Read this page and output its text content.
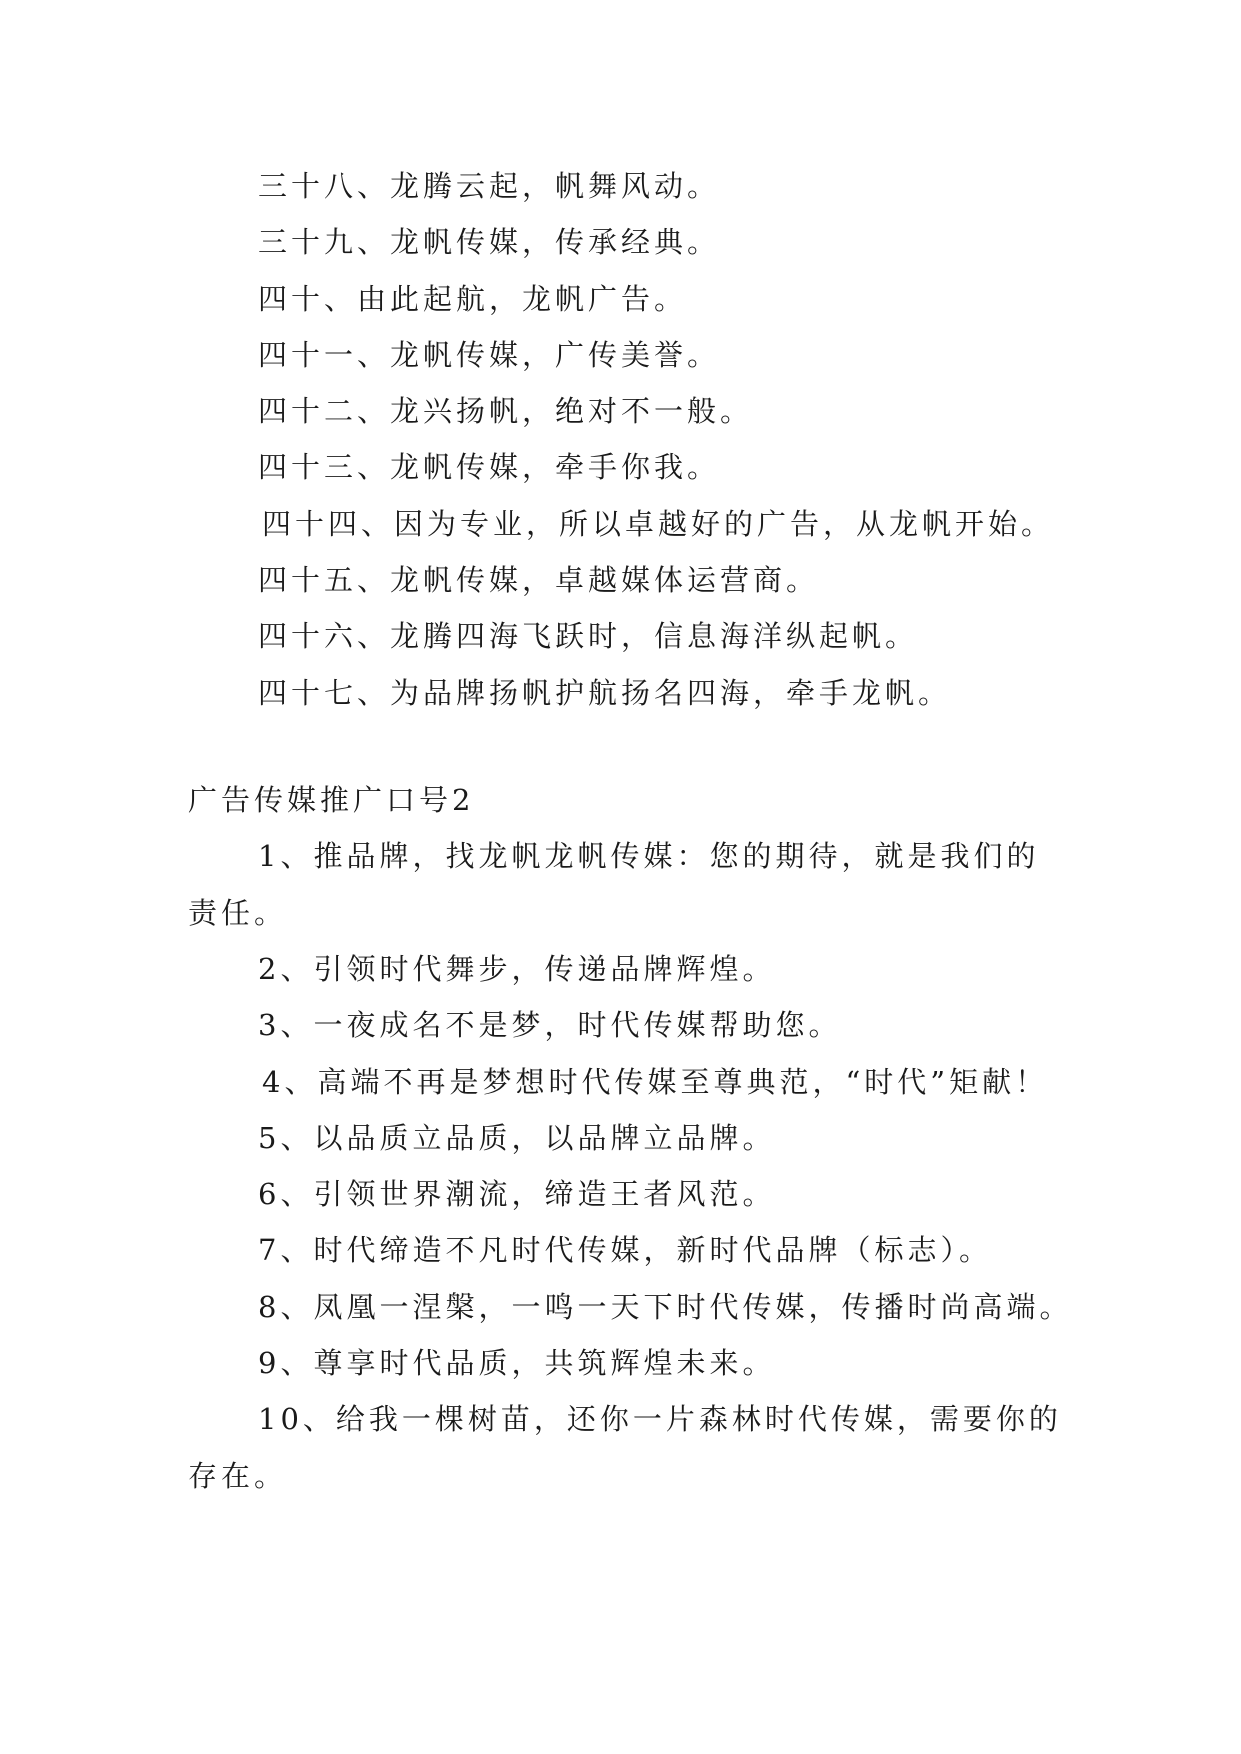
三十八、龙腾云起，帆舞风动。
三十九、龙帆传媒，传承经典。
四十、由此起航，龙帆广告。
四十一、龙帆传媒，广传美誉。
四十二、龙兴扬帆，绝对不一般。
四十三、龙帆传媒，牵手你我。
四十四、因为专业，所以卓越好的广告，从龙帆开始。
四十五、龙帆传媒，卓越媒体运营商。
四十六、龙腾四海飞跃时，信息海洋纵起帆。
四十七、为品牌扬帆护航扬名四海，牵手龙帆。
广告传媒推广口号2
1、推品牌，找龙帆龙帆传媒：您的期待，就是我们的
责任。
2、引领时代舞步，传递品牌辉煌。
3、一夜成名不是梦，时代传媒帮助您。
4、高端不再是梦想时代传媒至尊典范，“时代”矩献！
5、以品质立品质，以品牌立品牌。
6、引领世界潮流，缔造王者风范。
7、时代缔造不凡时代传媒，新时代品牌（标志）。
8、凤凰一涅槃，一鸣一天下时代传媒，传播时尚高端。
9、尊享时代品质，共筑辉煌未来。
10、给我一棵树苗，还你一片森林时代传媒，需要你的
存在。
